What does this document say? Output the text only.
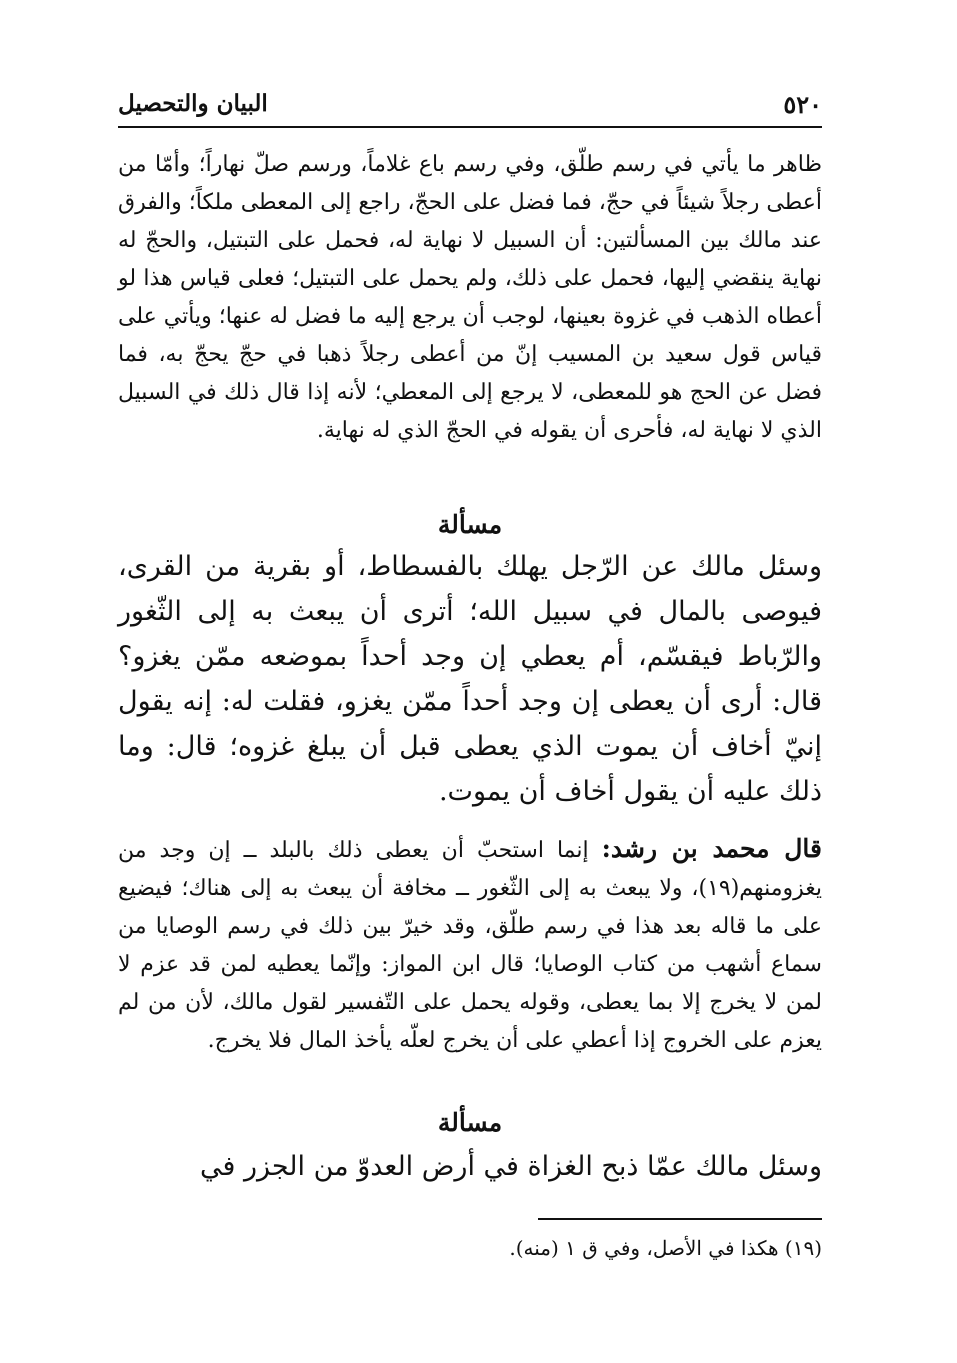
٥٢٠
البيان والتحصيل

ظاهر ما يأتي في رسم طلّق، وفي رسم باع غلاماً، ورسم صلّ نهاراً؛ وأمّا من أعطى رجلاً شيئاً في حجّ، فما فضل على الحجّ، راجع إلى المعطى ملكاً؛ والفرق عند مالك بين المسألتين: أن السبيل لا نهاية له، فحمل على التبتيل، والحجّ له نهاية ينقضي إليها، فحمل على ذلك، ولم يحمل على التبتيل؛ فعلى قياس هذا لو أعطاه الذهب في غزوة بعينها، لوجب أن يرجع إليه ما فضل له عنها؛ ويأتي على قياس قول سعيد بن المسيب إنّ من أعطى رجلاً ذهبا في حجّ يحجّ به، فما فضل عن الحج هو للمعطى، لا يرجع إلى المعطي؛ لأنه إذا قال ذلك في السبيل الذي لا نهاية له، فأحرى أن يقوله في الحجّ الذي له نهاية.

مسألة

وسئل مالك عن الرّجل يهلك بالفسطاط، أو بقرية من القرى، فيوصى بالمال في سبيل الله؛ أترى أن يبعث به إلى الثّغور والرّباط فيقسّم، أم يعطي إن وجد أحداً بموضعه ممّن يغزو؟ قال: أرى أن يعطى إن وجد أحداً ممّن يغزو، فقلت له: إنه يقول إنيّ أخاف أن يموت الذي يعطى قبل أن يبلغ غزوه؛ قال: وما ذلك عليه أن يقول أخاف أن يموت.

قال محمد بن رشد: إنما استحبّ أن يعطى ذلك بالبلد ــ إن وجد من يغزومنهم(١٩)، ولا يبعث به إلى الثّغور ــ مخافة أن يبعث به إلى هناك؛ فيضيع على ما قاله بعد هذا في رسم طلّق، وقد خيرّ بين ذلك في رسم الوصايا من سماع أشهب من كتاب الوصايا؛ قال ابن المواز: وإنّما يعطيه لمن قد عزم لا لمن لا يخرج إلا بما يعطى، وقوله يحمل على التّفسير لقول مالك، لأن من لم يعزم على الخروج إذا أعطي على أن يخرج لعلّه يأخذ المال فلا يخرج.

مسألة

وسئل مالك عمّا ذبح الغزاة في أرض العدوّ من الجزر في

(١٩) هكذا في الأصل، وفي ق ١ (منه).
